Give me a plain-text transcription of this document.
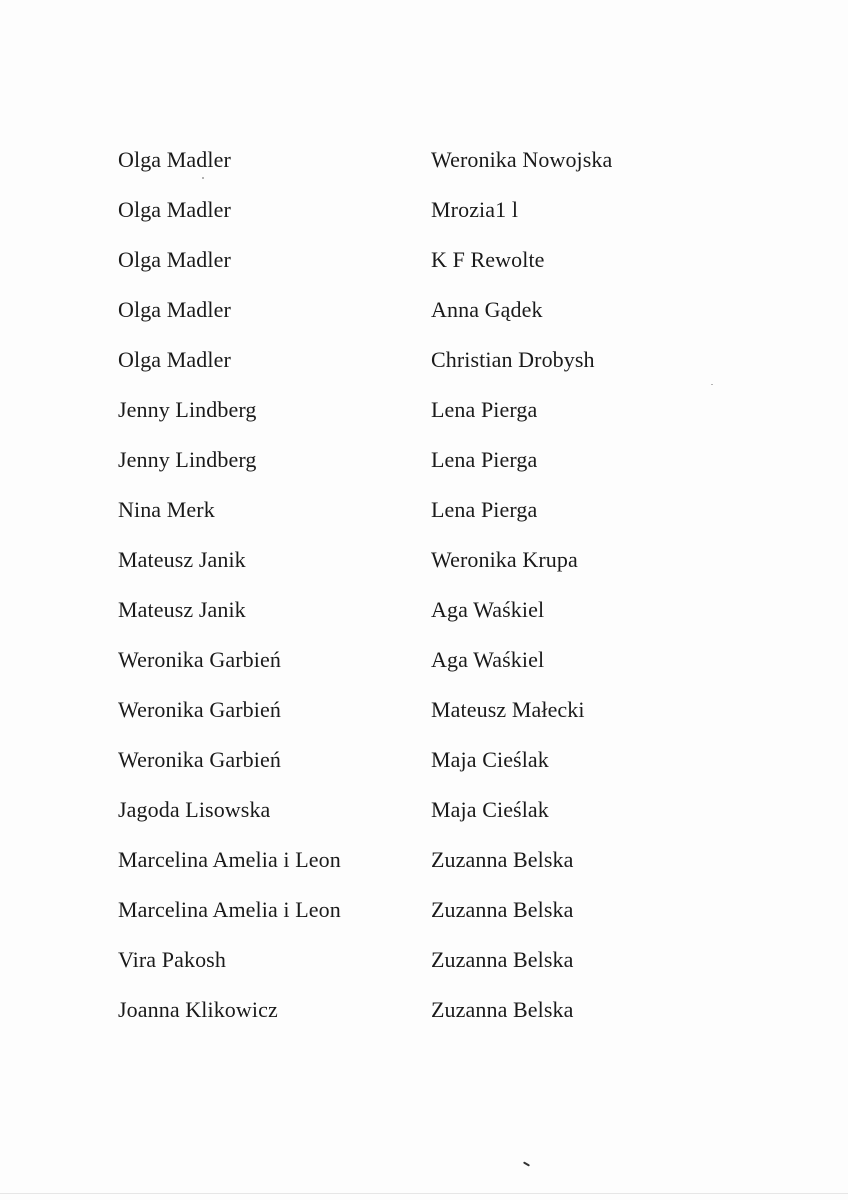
Olga Madler
Olga Madler
Olga Madler
Olga Madler
Olga Madler
Jenny Lindberg
Jenny Lindberg
Nina Merk
Mateusz Janik
Mateusz Janik
Weronika Garbień
Weronika Garbień
Weronika Garbień
Jagoda Lisowska
Marcelina Amelia i Leon
Marcelina Amelia i Leon
Vira Pakosh
Joanna Klikowicz
Weronika Nowojska
Mrozia1 l
K F Rewolte
Anna Gądek
Christian Drobysh
Lena Pierga
Lena Pierga
Lena Pierga
Weronika Krupa
Aga Waśkiel
Aga Waśkiel
Mateusz Małecki
Maja Cieślak
Maja Cieślak
Zuzanna Belska
Zuzanna Belska
Zuzanna Belska
Zuzanna Belska
